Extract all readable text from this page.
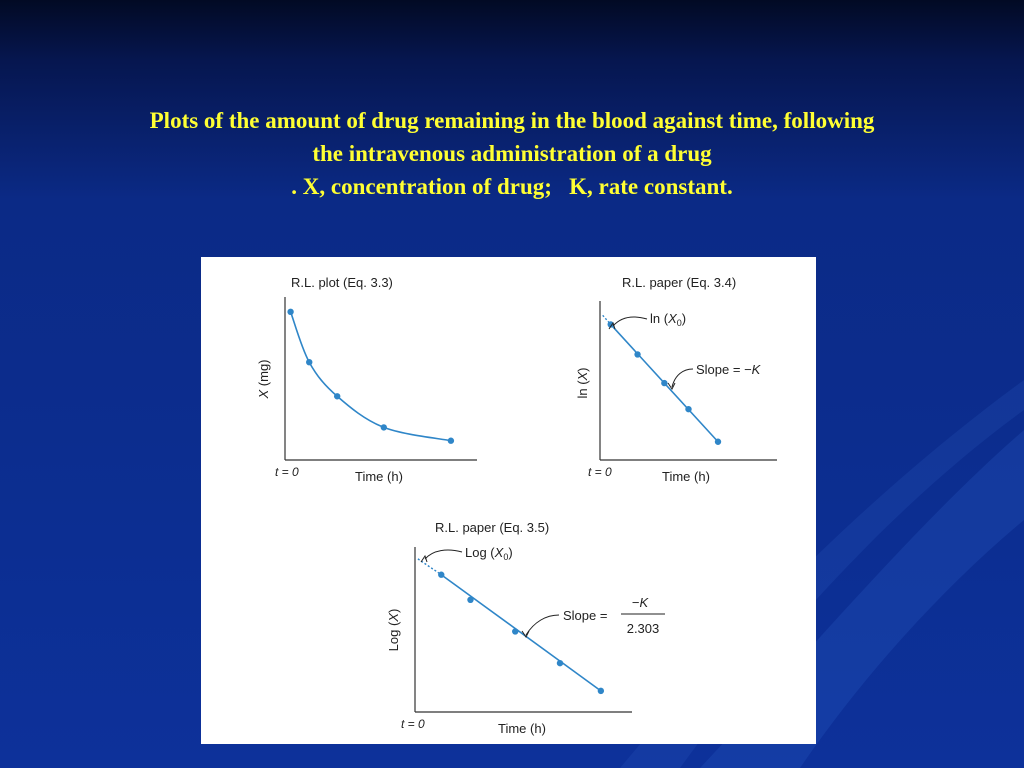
Plots of the amount of drug remaining in the blood against time, following
the intravenous administration of a drug
. X, concentration of drug;   K, rate constant.
R.L. plot (Eq. 3.3)
Time (h)
X (mg)
t = 0
R.L. paper (Eq. 3.4)
Time (h)
ln (X)
t = 0
$\ln (X_0)$
Slope = −K
R.L. paper (Eq. 3.5)
Time (h)
Log (X)
t = 0
Log $(X_0)$
Slope =
−K
2.303
